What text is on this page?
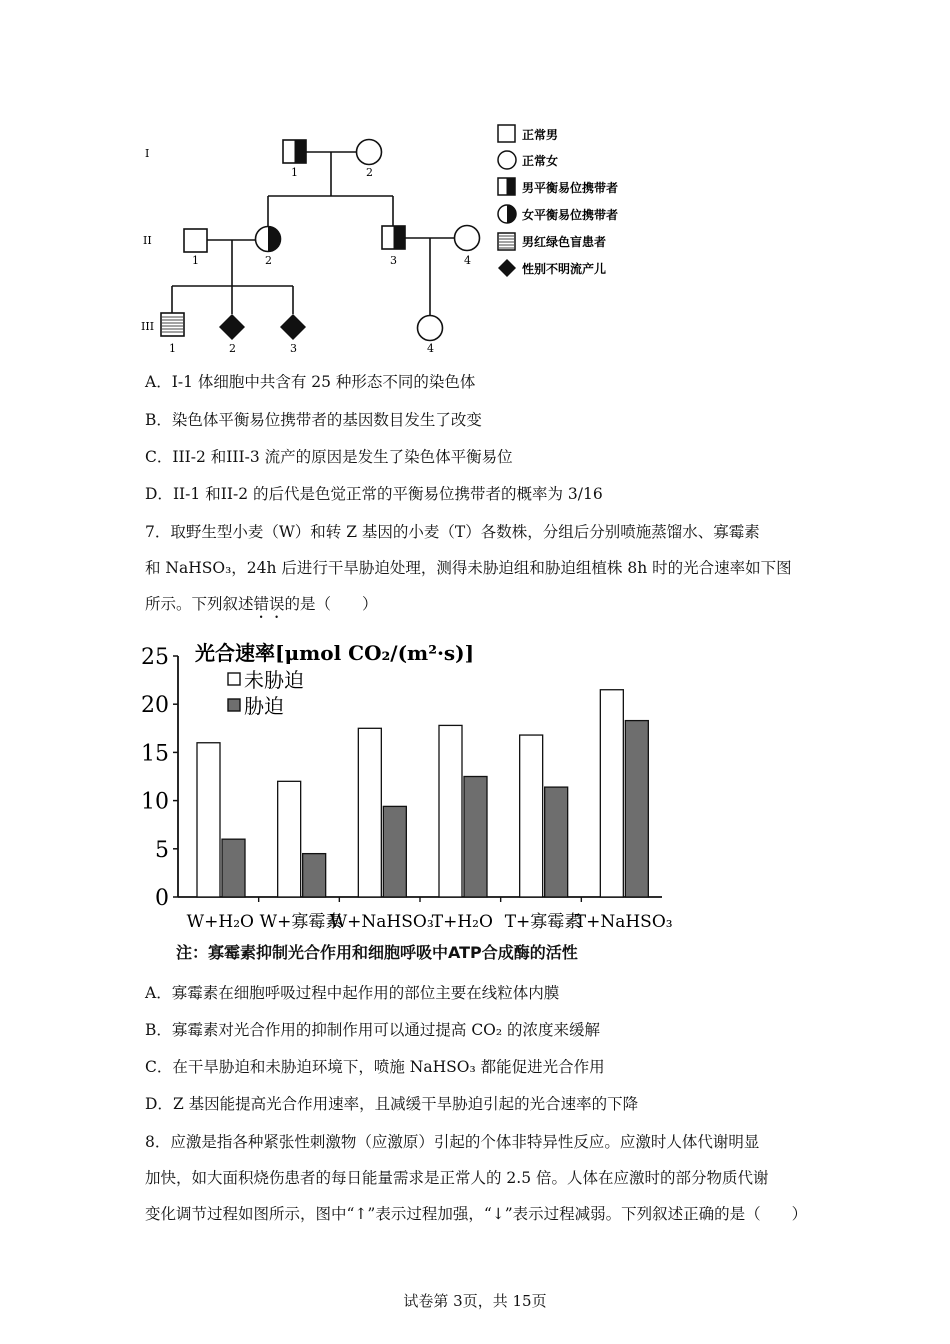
I
II
III
1	2
1	2	3	4
1	2	3	4
正常男
正常女
男平衡易位携带者
女平衡易位携带者
男红绿色盲患者
性别不明流产儿
A．I-1 体细胞中共含有 25 种形态不同的染色体
B．染色体平衡易位携带者的基因数目发生了改变
C．III-2 和III-3 流产的原因是发生了染色体平衡易位
D．II-1 和II-2 的后代是色觉正常的平衡易位携带者的概率为 3/16
7．取野生型小麦（W）和转 Z 基因的小麦（T）各数株，分组后分别喷施蒸馏水、寡霉素
和 NaHSO₃，24h 后进行干旱胁迫处理，测得未胁迫组和胁迫组植株 8h 时的光合速率如下图
所示。下列叙述错误的是（　　）
光合速率[μmol CO₂/(m²·s)]
未胁迫
胁迫
0
5
10
15
20
25
W+H₂O W+寡霉素
W+NaHSO₃
T+H₂O T+寡霉素
T+NaHSO₃
注：寡霉素抑制光合作用和细胞呼吸中ATP合成酶的活性
A．寡霉素在细胞呼吸过程中起作用的部位主要在线粒体内膜
B．寡霉素对光合作用的抑制作用可以通过提高 CO₂ 的浓度来缓解
C．在干旱胁迫和未胁迫环境下，喷施 NaHSO₃ 都能促进光合作用
D．Z 基因能提高光合作用速率，且减缓干旱胁迫引起的光合速率的下降
8．应激是指各种紧张性刺激物（应激原）引起的个体非特异性反应。应激时人体代谢明显
加快，如大面积烧伤患者的每日能量需求是正常人的 2.5 倍。人体在应激时的部分物质代谢
变化调节过程如图所示，图中“↑”表示过程加强，“↓”表示过程减弱。下列叙述正确的是（　　）
试卷第 3页，共 15页
